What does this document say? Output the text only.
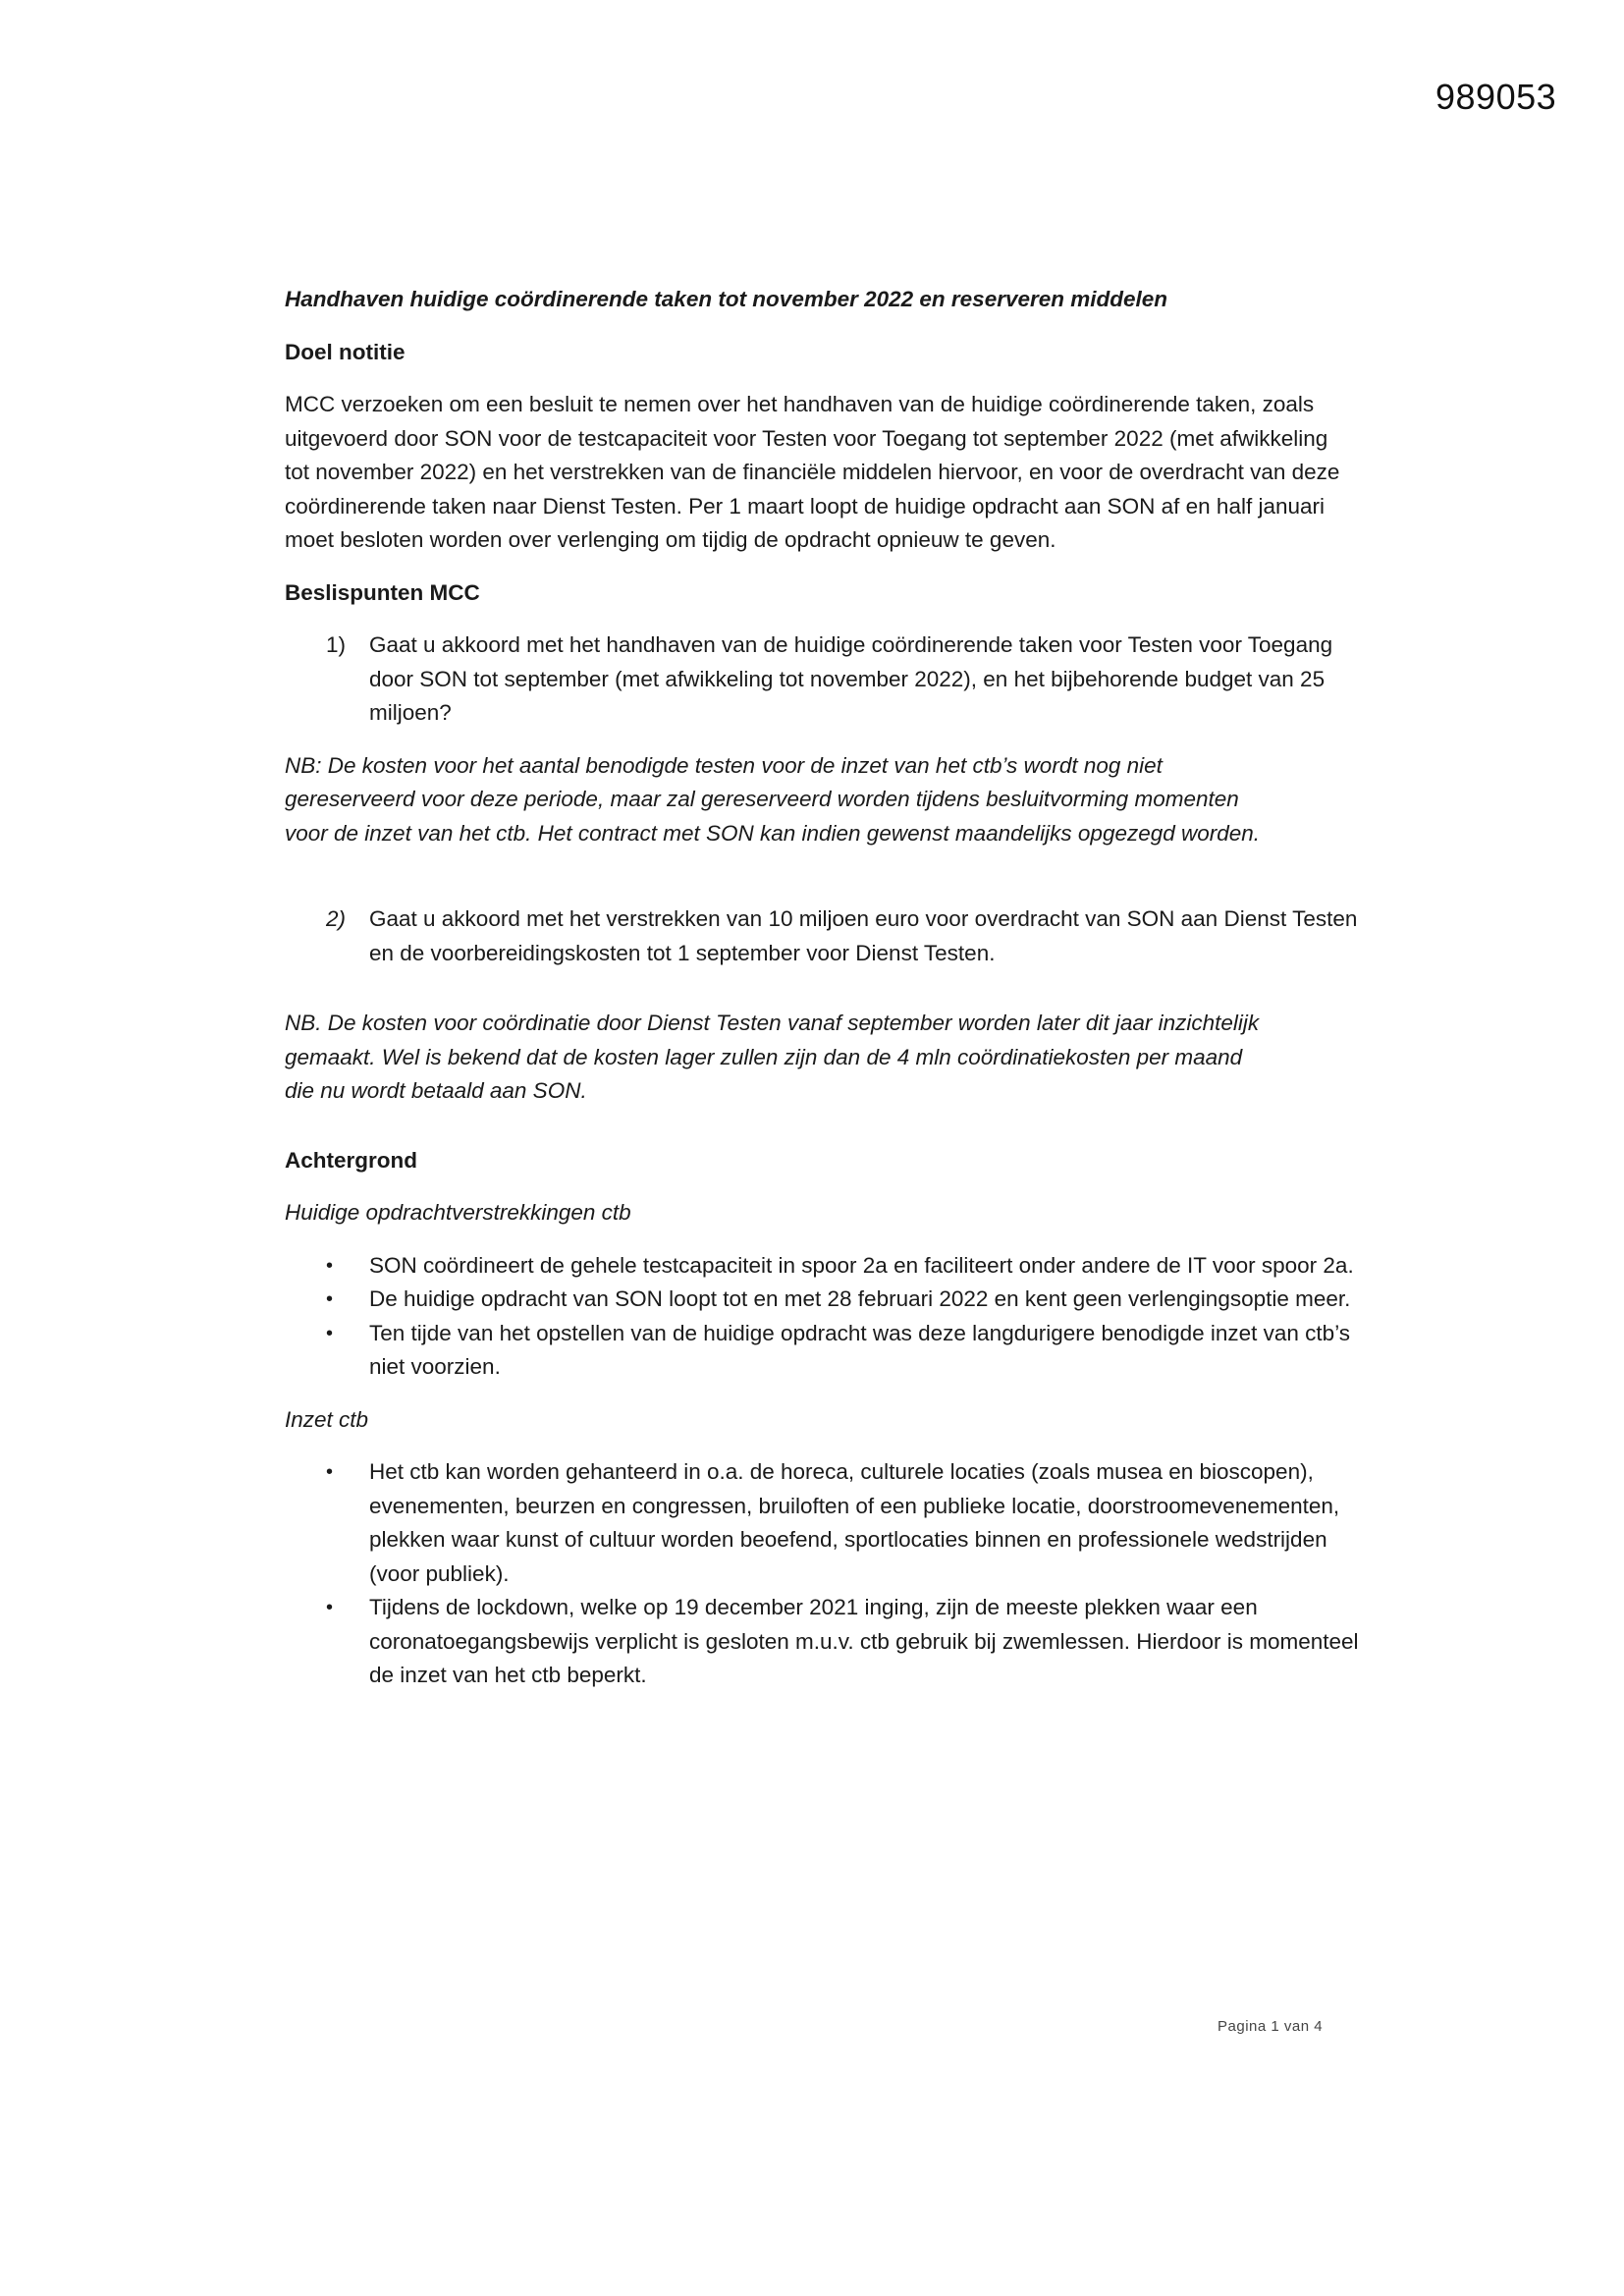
989053

Handhaven huidige coördinerende taken tot november 2022 en reserveren middelen

Doel notitie

MCC verzoeken om een besluit te nemen over het handhaven van de huidige coördinerende taken, zoals uitgevoerd door SON voor de testcapaciteit voor Testen voor Toegang tot september 2022 (met afwikkeling tot november 2022) en het verstrekken van de financiële middelen hiervoor, en voor de overdracht van deze coördinerende taken naar Dienst Testen. Per 1 maart loopt de huidige opdracht aan SON af en half januari moet besloten worden over verlenging om tijdig de opdracht opnieuw te geven.

Beslispunten MCC

1)	Gaat u akkoord met het handhaven van de huidige coördinerende taken voor Testen voor Toegang door SON tot september (met afwikkeling tot november 2022), en het bijbehorende budget van 25 miljoen?

NB: De kosten voor het aantal benodigde testen voor de inzet van het ctb’s wordt nog niet gereserveerd voor deze periode, maar zal gereserveerd worden tijdens besluitvorming momenten voor de inzet van het ctb. Het contract met SON kan indien gewenst maandelijks opgezegd worden.

2)	Gaat u akkoord met het verstrekken van 10 miljoen euro voor overdracht van SON aan Dienst Testen en de voorbereidingskosten tot 1 september voor Dienst Testen.

NB. De kosten voor coördinatie door Dienst Testen vanaf september worden later dit jaar inzichtelijk gemaakt. Wel is bekend dat de kosten lager zullen zijn dan de 4 mln coördinatiekosten per maand die nu wordt betaald aan SON.

Achtergrond

Huidige opdrachtverstrekkingen ctb

•	SON coördineert de gehele testcapaciteit in spoor 2a en faciliteert onder andere de IT voor spoor 2a.
•	De huidige opdracht van SON loopt tot en met 28 februari 2022 en kent geen verlengingsoptie meer.
•	Ten tijde van het opstellen van de huidige opdracht was deze langdurigere benodigde inzet van ctb’s niet voorzien.

Inzet ctb

•	Het ctb kan worden gehanteerd in o.a. de horeca, culturele locaties (zoals musea en bioscopen), evenementen, beurzen en congressen, bruiloften of een publieke locatie, doorstroomevenementen, plekken waar kunst of cultuur worden beoefend, sportlocaties binnen en professionele wedstrijden (voor publiek).
•	Tijdens de lockdown, welke op 19 december 2021 inging, zijn de meeste plekken waar een coronatoegangsbewijs verplicht is gesloten m.u.v. ctb gebruik bij zwemlessen. Hierdoor is momenteel de inzet van het ctb beperkt.
Pagina 1 van 4
